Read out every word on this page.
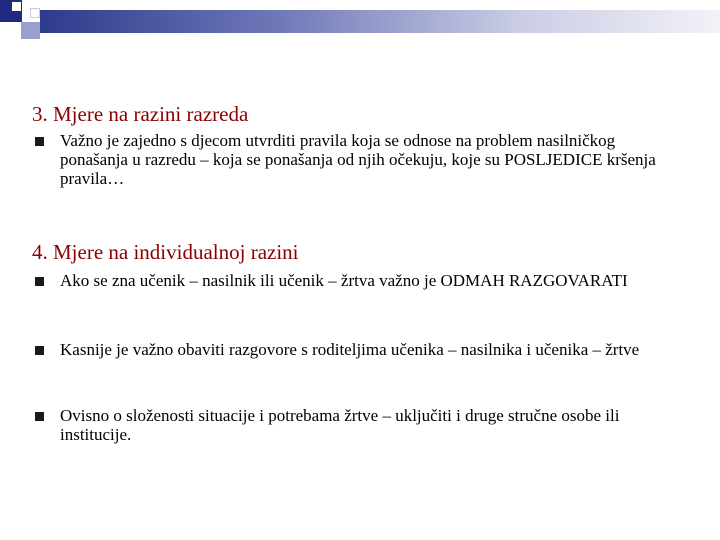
3. Mjere na razini razreda
Važno je zajedno s djecom utvrditi pravila koja se odnose na problem nasilničkog ponašanja u razredu – koja se ponašanja od njih očekuju, koje su POSLJEDICE kršenja pravila…
4. Mjere na individualnoj razini
Ako se zna učenik – nasilnik ili učenik – žrtva važno je ODMAH RAZGOVARATI
Kasnije je važno obaviti razgovore s roditeljima učenika – nasilnika i učenika – žrtve
Ovisno o složenosti situacije i potrebama žrtve – uključiti i druge stručne osobe ili institucije.
